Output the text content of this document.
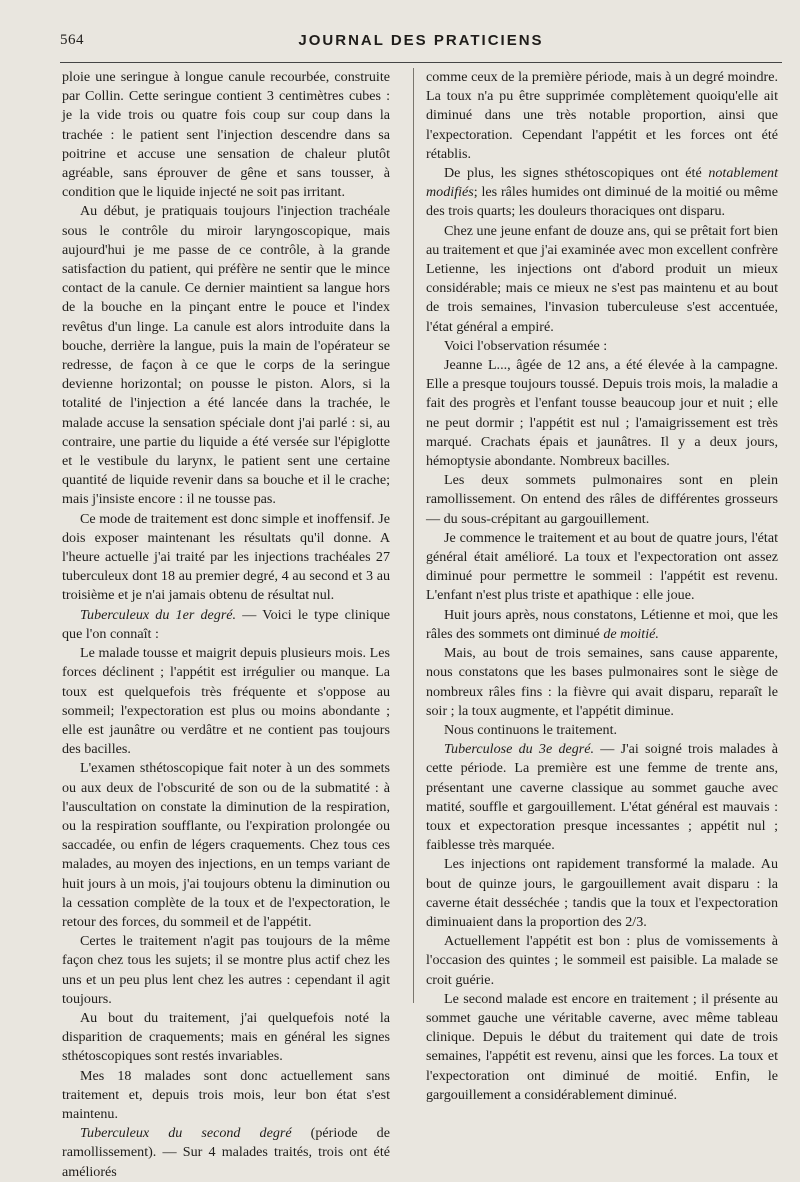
564	JOURNAL DES PRATICIENS

ploie une seringue à longue canule recourbée, construite par Collin. Cette seringue contient 3 centimètres cubes : je la vide trois ou quatre fois coup sur coup dans la trachée : le patient sent l'injection descendre dans sa poitrine et accuse une sensation de chaleur plutôt agréable, sans éprouver de gêne et sans tousser, à condition que le liquide injecté ne soit pas irritant.

Au début, je pratiquais toujours l'injection trachéale sous le contrôle du miroir laryngoscopique, mais aujourd'hui je me passe de ce contrôle, à la grande satisfaction du patient, qui préfère ne sentir que le mince contact de la canule. Ce dernier maintient sa langue hors de la bouche en la pinçant entre le pouce et l'index revêtus d'un linge. La canule est alors introduite dans la bouche, derrière la langue, puis la main de l'opérateur se redresse, de façon à ce que le corps de la seringue devienne horizontal; on pousse le piston. Alors, si la totalité de l'injection a été lancée dans la trachée, le malade accuse la sensation spéciale dont j'ai parlé : si, au contraire, une partie du liquide a été versée sur l'épiglotte et le vestibule du larynx, le patient sent une certaine quantité de liquide revenir dans sa bouche et il le crache; mais j'insiste encore : il ne tousse pas.

Ce mode de traitement est donc simple et inoffensif. Je dois exposer maintenant les résultats qu'il donne. A l'heure actuelle j'ai traité par les injections trachéales 27 tuberculeux dont 18 au premier degré, 4 au second et 3 au troisième et je n'ai jamais obtenu de résultat nul.

Tuberculeux du 1er degré. — Voici le type clinique que l'on connaît :

Le malade tousse et maigrit depuis plusieurs mois. Les forces déclinent ; l'appétit est irrégulier ou manque. La toux est quelquefois très fréquente et s'oppose au sommeil; l'expectoration est plus ou moins abondante ; elle est jaunâtre ou verdâtre et ne contient pas toujours des bacilles.

L'examen sthétoscopique fait noter à un des sommets ou aux deux de l'obscurité de son ou de la submatité : à l'auscultation on constate la diminution de la respiration, ou la respiration soufflante, ou l'expiration prolongée ou saccadée, ou enfin de légers craquements. Chez tous ces malades, au moyen des injections, en un temps variant de huit jours à un mois, j'ai toujours obtenu la diminution ou la cessation complète de la toux et de l'expectoration, le retour des forces, du sommeil et de l'appétit.

Certes le traitement n'agit pas toujours de la même façon chez tous les sujets; il se montre plus actif chez les uns et un peu plus lent chez les autres : cependant il agit toujours.

Au bout du traitement, j'ai quelquefois noté la disparition de craquements; mais en général les signes sthétoscopiques sont restés invariables.

Mes 18 malades sont donc actuellement sans traitement et, depuis trois mois, leur bon état s'est maintenu.

Tuberculeux du second degré (période de ramollissement). — Sur 4 malades traités, trois ont été améliorés

comme ceux de la première période, mais à un degré moindre. La toux n'a pu être supprimée complètement quoiqu'elle ait diminué dans une très notable proportion, ainsi que l'expectoration. Cependant l'appétit et les forces ont été rétablis.

De plus, les signes sthétoscopiques ont été notablement modifiés; les râles humides ont diminué de la moitié ou même des trois quarts; les douleurs thoraciques ont disparu.

Chez une jeune enfant de douze ans, qui se prêtait fort bien au traitement et que j'ai examinée avec mon excellent confrère Letienne, les injections ont d'abord produit un mieux considérable; mais ce mieux ne s'est pas maintenu et au bout de trois semaines, l'invasion tuberculeuse s'est accentuée, l'état général a empiré.

Voici l'observation résumée :

Jeanne L..., âgée de 12 ans, a été élevée à la campagne. Elle a presque toujours toussé. Depuis trois mois, la maladie a fait des progrès et l'enfant tousse beaucoup jour et nuit ; elle ne peut dormir ; l'appétit est nul ; l'amaigrissement est très marqué. Crachats épais et jaunâtres. Il y a deux jours, hémoptysie abondante. Nombreux bacilles.

Les deux sommets pulmonaires sont en plein ramollissement. On entend des râles de différentes grosseurs — du sous-crépitant au gargouillement.

Je commence le traitement et au bout de quatre jours, l'état général était amélioré. La toux et l'expectoration ont assez diminué pour permettre le sommeil : l'appétit est revenu. L'enfant n'est plus triste et apathique : elle joue.

Huit jours après, nous constatons, Létienne et moi, que les râles des sommets ont diminué de moitié.

Mais, au bout de trois semaines, sans cause apparente, nous constatons que les bases pulmonaires sont le siège de nombreux râles fins : la fièvre qui avait disparu, reparaît le soir ; la toux augmente, et l'appétit diminue.

Nous continuons le traitement.

Tuberculose du 3e degré. — J'ai soigné trois malades à cette période. La première est une femme de trente ans, présentant une caverne classique au sommet gauche avec matité, souffle et gargouillement. L'état général est mauvais : toux et expectoration presque incessantes ; appétit nul ; faiblesse très marquée.

Les injections ont rapidement transformé la malade. Au bout de quinze jours, le gargouillement avait disparu : la caverne était desséchée ; tandis que la toux et l'expectoration diminuaient dans la proportion des 2/3.

Actuellement l'appétit est bon : plus de vomissements à l'occasion des quintes ; le sommeil est paisible. La malade se croit guérie.

Le second malade est encore en traitement ; il présente au sommet gauche une véritable caverne, avec même tableau clinique. Depuis le début du traitement qui date de trois semaines, l'appétit est revenu, ainsi que les forces. La toux et l'expectoration ont diminué de moitié. Enfin, le gargouillement a considérablement diminué.
